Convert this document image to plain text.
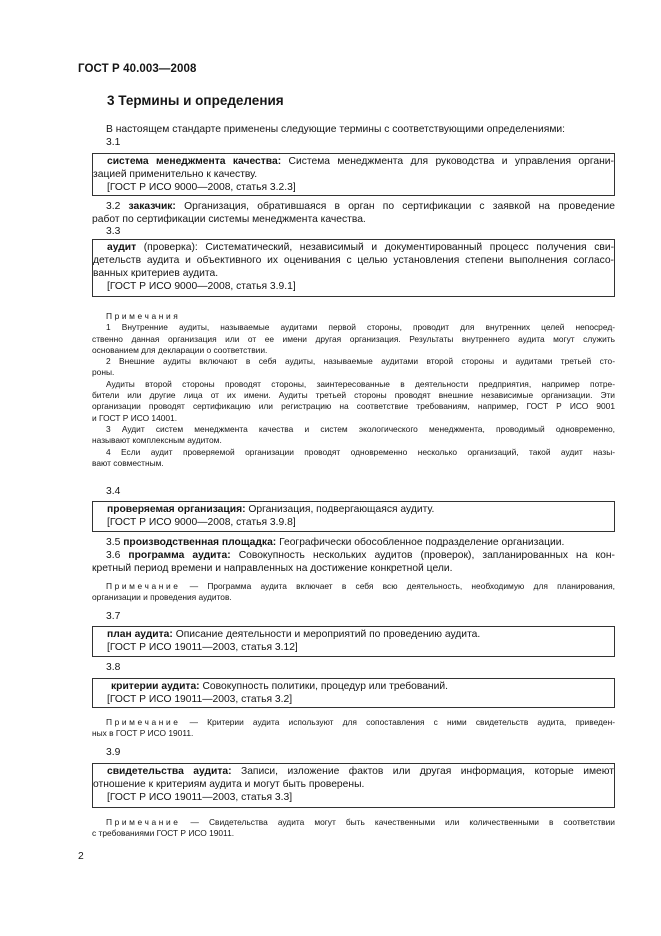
ГОСТ Р 40.003—2008
3 Термины и определения
В настоящем стандарте применены следующие термины с соответствующими определениями:
3.1
система менеджмента качества: Система менеджмента для руководства и управления органи-
зацией применительно к качеству.
[ГОСТ Р ИСО 9000—2008, статья 3.2.3]
3.2 заказчик: Организация, обратившаяся в орган по сертификации с заявкой на проведение
работ по сертификации системы менеджмента качества.
3.3
аудит (проверка): Систематический, независимый и документированный процесс получения сви-
детельств аудита и объективного их оценивания с целью установления степени выполнения согласо-
ванных критериев аудита.
[ГОСТ Р ИСО 9000—2008, статья 3.9.1]
Примечания
1 Внутренние аудиты, называемые аудитами первой стороны, проводит для внутренних целей непосред-
ственно данная организация или от ее имени другая организация. Результаты внутреннего аудита могут служить
основанием для декларации о соответствии.
2 Внешние аудиты включают в себя аудиты, называемые аудитами второй стороны и аудитами третьей сто-
роны.
Аудиты второй стороны проводят стороны, заинтересованные в деятельности предприятия, например потре-
бители или другие лица от их имени. Аудиты третьей стороны проводят внешние независимые организации. Эти
организации проводят сертификацию или регистрацию на соответствие требованиям, например, ГОСТ Р ИСО 9001
и ГОСТ Р ИСО 14001.
3 Аудит систем менеджмента качества и систем экологического менеджмента, проводимый одновременно,
называют комплексным аудитом.
4 Если аудит проверяемой организации проводят одновременно несколько организаций, такой аудит назы-
вают совместным.
3.4
проверяемая организация: Организация, подвергающаяся аудиту.
[ГОСТ Р ИСО 9000—2008, статья 3.9.8]
3.5 производственная площадка: Географически обособленное подразделение организации.
3.6 программа аудита: Совокупность нескольких аудитов (проверок), запланированных на кон-
кретный период времени и направленных на достижение конкретной цели.
Примечание — Программа аудита включает в себя всю деятельность, необходимую для планирования,
организации и проведения аудитов.
3.7
план аудита: Описание деятельности и мероприятий по проведению аудита.
[ГОСТ Р ИСО 19011—2003, статья 3.12]
3.8
критерии аудита: Совокупность политики, процедур или требований.
[ГОСТ Р ИСО 19011—2003, статья 3.2]
Примечание — Критерии аудита используют для сопоставления с ними свидетельств аудита, приведен-
ных в ГОСТ Р ИСО 19011.
3.9
свидетельства аудита: Записи, изложение фактов или другая информация, которые имеют
отношение к критериям аудита и могут быть проверены.
[ГОСТ Р ИСО 19011—2003, статья 3.3]
Примечание — Свидетельства аудита могут быть качественными или количественными в соответствии
с требованиями ГОСТ Р ИСО 19011.
2
